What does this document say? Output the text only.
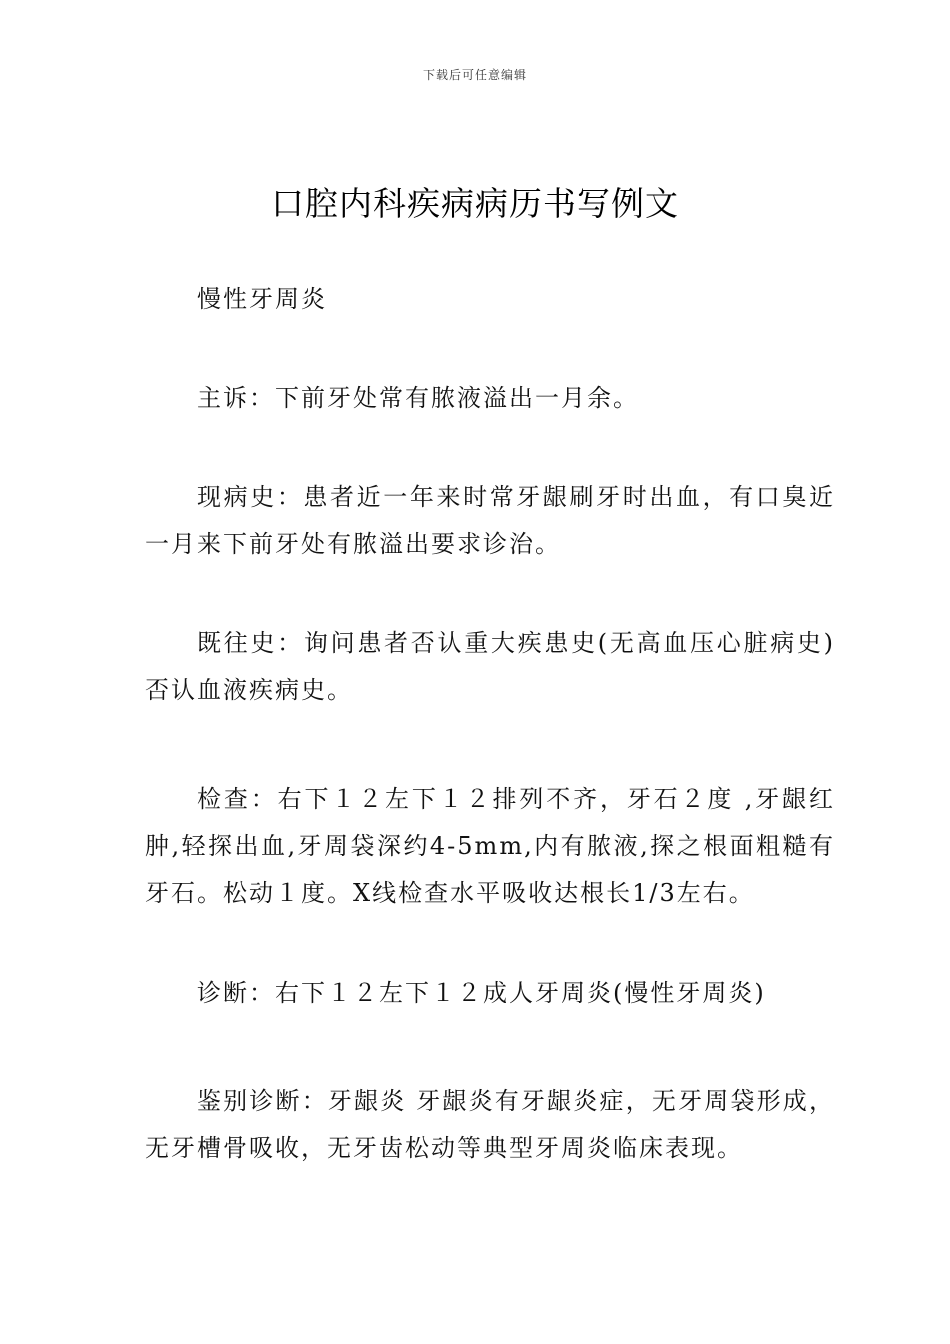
下载后可任意编辑
口腔内科疾病病历书写例文
慢性牙周炎
主诉：下前牙处常有脓液溢出一月余。
现病史：患者近一年来时常牙龈刷牙时出血，有口臭近一月来下前牙处有脓溢出要求诊治。
既往史：询问患者否认重大疾患史(无高血压心脏病史)否认血液疾病史。
检查：右下１２左下１２排列不齐，牙石２度 ,牙龈红肿,轻探出血,牙周袋深约4-5mm,内有脓液,探之根面粗糙有牙石。松动１度。X线检查水平吸收达根长1/3左右。
诊断：右下１２左下１２成人牙周炎(慢性牙周炎)
鉴别诊断：牙龈炎 牙龈炎有牙龈炎症，无牙周袋形成，无牙槽骨吸收，无牙齿松动等典型牙周炎临床表现。
